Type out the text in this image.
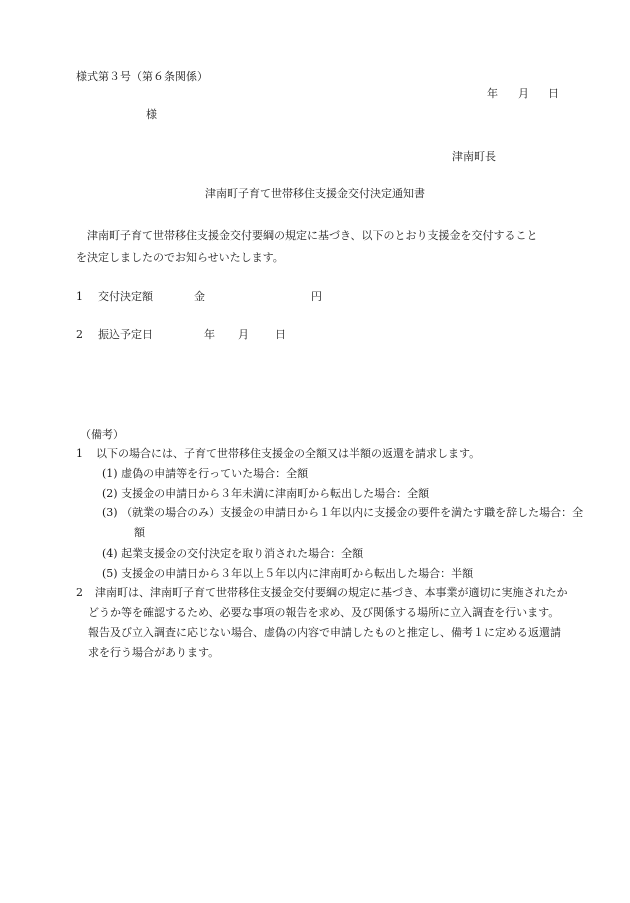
様式第３号（第６条関係）
年 月 日
様
津南町長
津南町子育て世帯移住支援金交付決定通知書
津南町子育て世帯移住支援金交付要綱の規定に基づき、以下のとおり支援金を交付することを決定しましたのでお知らせいたします。
1 交付決定額	金	円
2 振込予定日	年 月 日
（備考）
1 以下の場合には、子育て世帯移住支援金の全額又は半額の返還を請求します。
(1) 虚偽の申請等を行っていた場合：全額
(2) 支援金の申請日から３年未満に津南町から転出した場合：全額
(3) （就業の場合のみ）支援金の申請日から１年以内に支援金の要件を満たす職を辞した場合：全額
(4) 起業支援金の交付決定を取り消された場合：全額
(5) 支援金の申請日から３年以上５年以内に津南町から転出した場合：半額
2 津南町は、津南町子育て世帯移住支援金交付要綱の規定に基づき、本事業が適切に実施されたかどうか等を確認するため、必要な事項の報告を求め、及び関係する場所に立入調査を行います。報告及び立入調査に応じない場合、虚偽の内容で申請したものと推定し、備考１に定める返還請求を行う場合があります。
